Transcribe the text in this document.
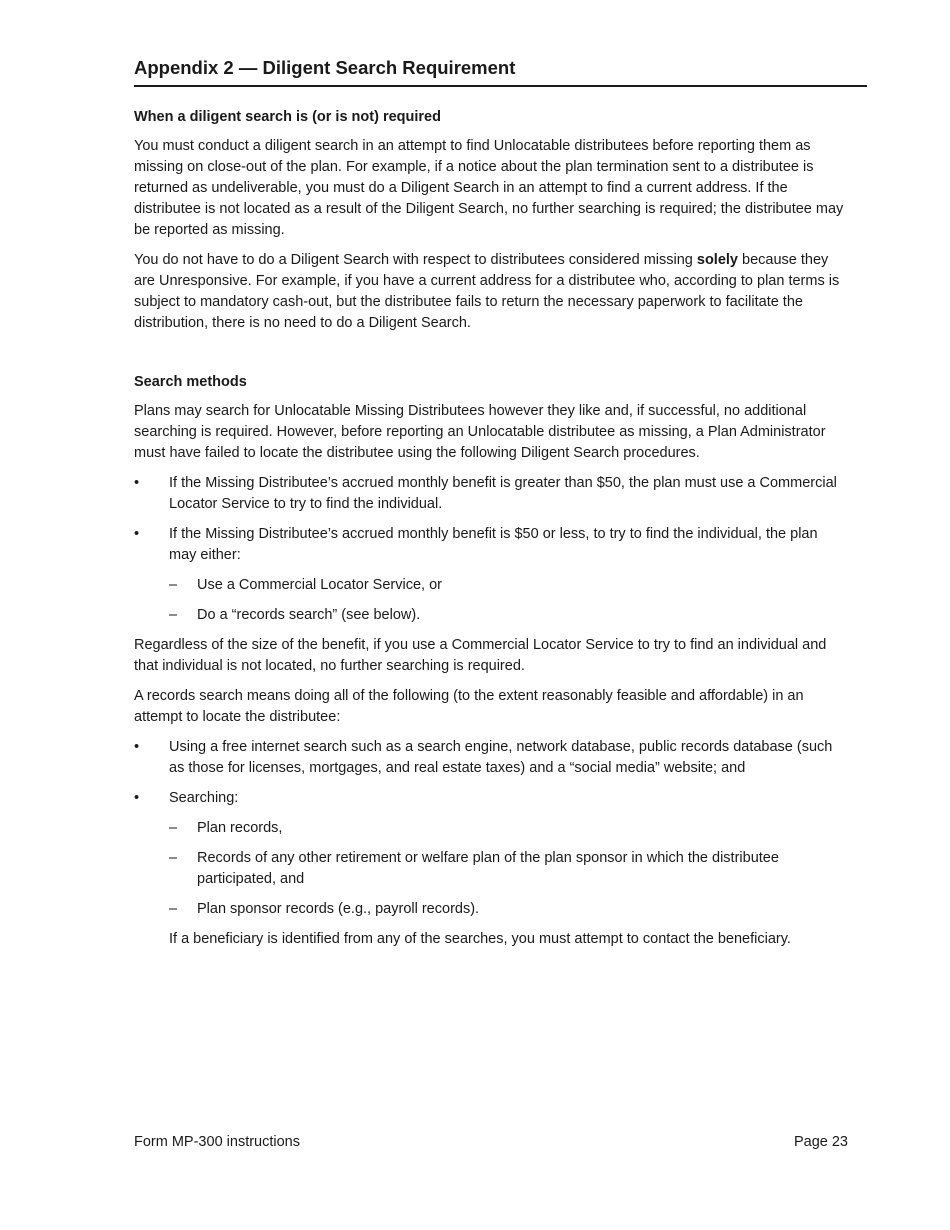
Appendix 2 — Diligent Search Requirement
When a diligent search is (or is not) required

You must conduct a diligent search in an attempt to find Unlocatable distributees before reporting them as missing on close-out of the plan. For example, if a notice about the plan termination sent to a distributee is returned as undeliverable, you must do a Diligent Search in an attempt to find a current address. If the distributee is not located as a result of the Diligent Search, no further searching is required; the distributee may be reported as missing.

You do not have to do a Diligent Search with respect to distributees considered missing solely because they are Unresponsive. For example, if you have a current address for a distributee who, according to plan terms is subject to mandatory cash-out, but the distributee fails to return the necessary paperwork to facilitate the distribution, there is no need to do a Diligent Search.

Search methods

Plans may search for Unlocatable Missing Distributees however they like and, if successful, no additional searching is required. However, before reporting an Unlocatable distributee as missing, a Plan Administrator must have failed to locate the distributee using the following Diligent Search procedures.

• If the Missing Distributee’s accrued monthly benefit is greater than $50, the plan must use a Commercial Locator Service to try to find the individual.
• If the Missing Distributee’s accrued monthly benefit is $50 or less, to try to find the individual, the plan may either:
– Use a Commercial Locator Service, or
– Do a “records search” (see below).

Regardless of the size of the benefit, if you use a Commercial Locator Service to try to find an individual and that individual is not located, no further searching is required.

A records search means doing all of the following (to the extent reasonably feasible and affordable) in an attempt to locate the distributee:

• Using a free internet search such as a search engine, network database, public records database (such as those for licenses, mortgages, and real estate taxes) and a “social media” website; and
• Searching:
– Plan records,
– Records of any other retirement or welfare plan of the plan sponsor in which the distributee participated, and
– Plan sponsor records (e.g., payroll records).
If a beneficiary is identified from any of the searches, you must attempt to contact the beneficiary.
Form MP-300 instructions	Page 23
